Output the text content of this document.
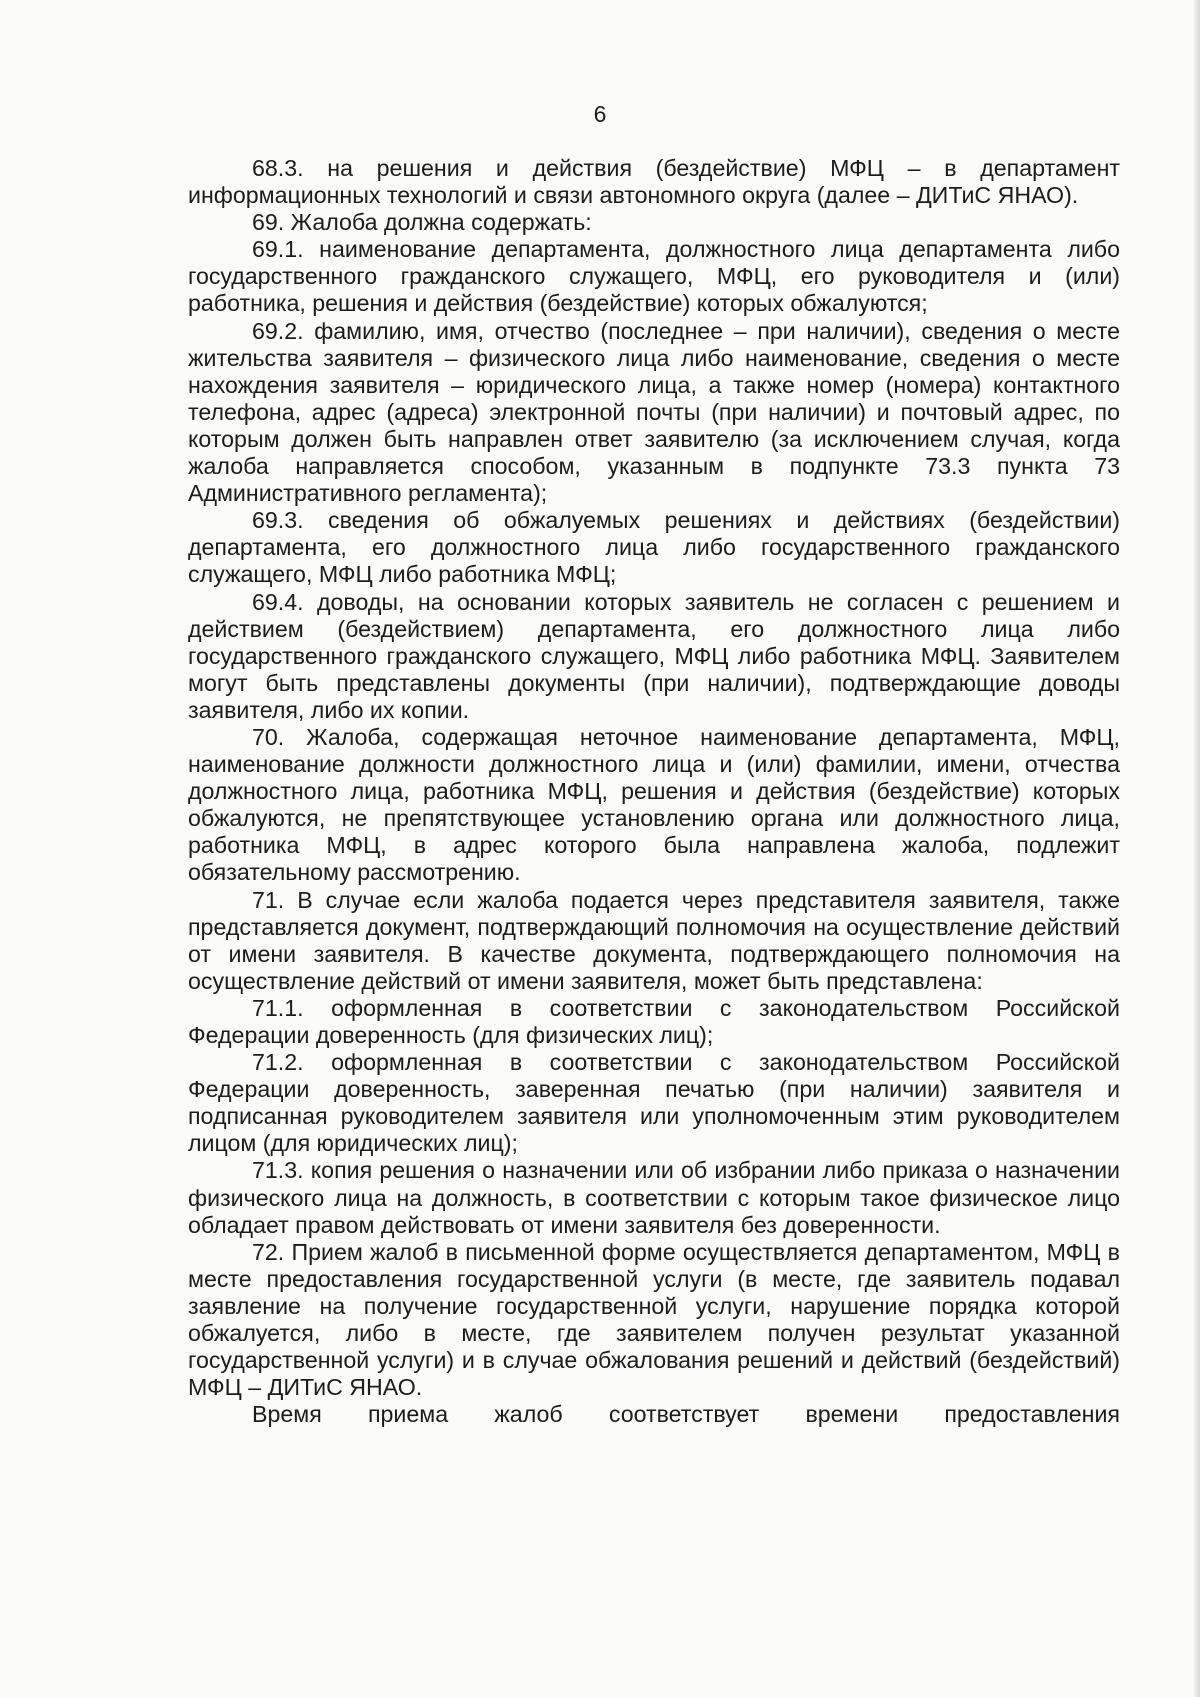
6

68.3. на решения и действия (бездействие) МФЦ – в департамент информационных технологий и связи автономного округа (далее – ДИТиС ЯНАО).

69. Жалоба должна содержать:

69.1. наименование департамента, должностного лица департамента либо государственного гражданского служащего, МФЦ, его руководителя и (или) работника, решения и действия (бездействие) которых обжалуются;

69.2. фамилию, имя, отчество (последнее – при наличии), сведения о месте жительства заявителя – физического лица либо наименование, сведения о месте нахождения заявителя – юридического лица, а также номер (номера) контактного телефона, адрес (адреса) электронной почты (при наличии) и почтовый адрес, по которым должен быть направлен ответ заявителю (за исключением случая, когда жалоба направляется способом, указанным в подпункте 73.3 пункта 73 Административного регламента);

69.3. сведения об обжалуемых решениях и действиях (бездействии) департамента, его должностного лица либо государственного гражданского служащего, МФЦ либо работника МФЦ;

69.4. доводы, на основании которых заявитель не согласен с решением и действием (бездействием) департамента, его должностного лица либо государственного гражданского служащего, МФЦ либо работника МФЦ. Заявителем могут быть представлены документы (при наличии), подтверждающие доводы заявителя, либо их копии.

70. Жалоба, содержащая неточное наименование департамента, МФЦ, наименование должности должностного лица и (или) фамилии, имени, отчества должностного лица, работника МФЦ, решения и действия (бездействие) которых обжалуются, не препятствующее установлению органа или должностного лица, работника МФЦ, в адрес которого была направлена жалоба, подлежит обязательному рассмотрению.

71. В случае если жалоба подается через представителя заявителя, также представляется документ, подтверждающий полномочия на осуществление действий от имени заявителя. В качестве документа, подтверждающего полномочия на осуществление действий от имени заявителя, может быть представлена:

71.1. оформленная в соответствии с законодательством Российской Федерации доверенность (для физических лиц);

71.2. оформленная в соответствии с законодательством Российской Федерации доверенность, заверенная печатью (при наличии) заявителя и подписанная руководителем заявителя или уполномоченным этим руководителем лицом (для юридических лиц);

71.3. копия решения о назначении или об избрании либо приказа о назначении физического лица на должность, в соответствии с которым такое физическое лицо обладает правом действовать от имени заявителя без доверенности.

72. Прием жалоб в письменной форме осуществляется департаментом, МФЦ в месте предоставления государственной услуги (в месте, где заявитель подавал заявление на получение государственной услуги, нарушение порядка которой обжалуется, либо в месте, где заявителем получен результат указанной государственной услуги) и в случае обжалования решений и действий (бездействий) МФЦ – ДИТиС ЯНАО.

Время приема жалоб соответствует времени предоставления
